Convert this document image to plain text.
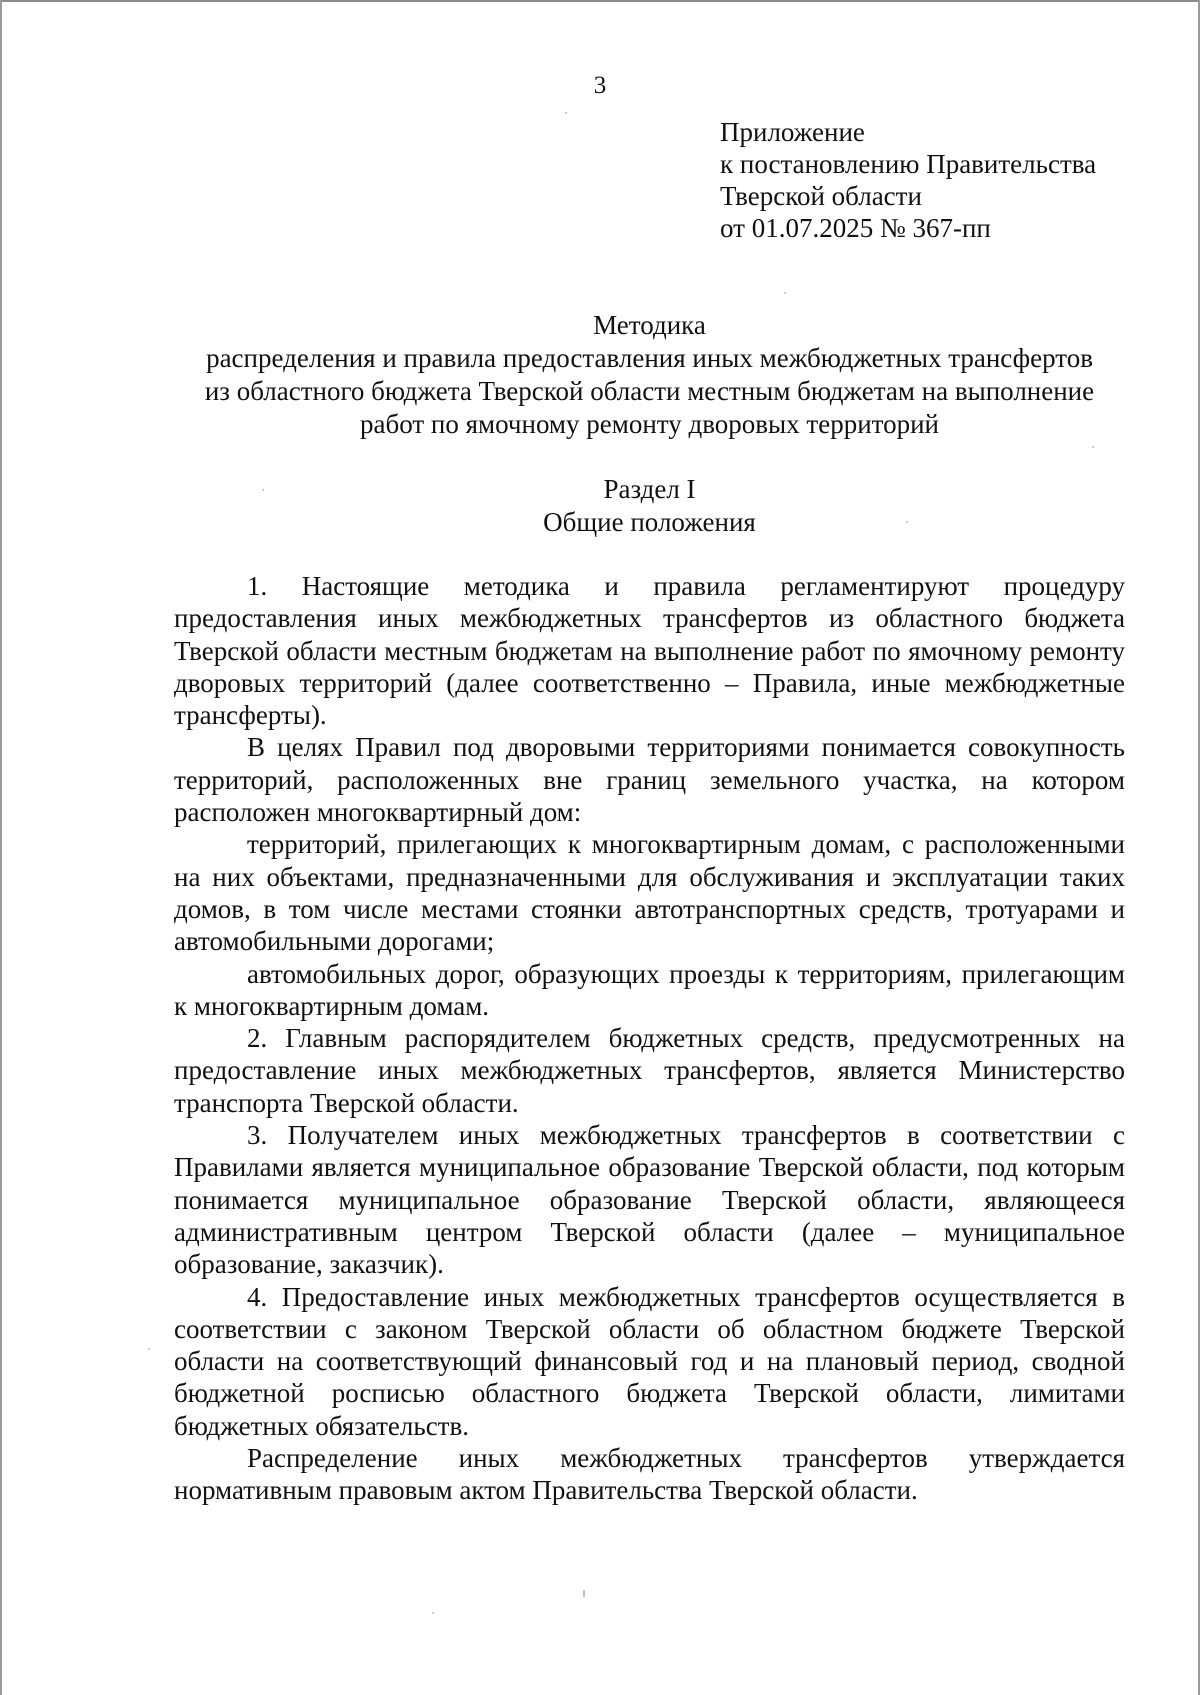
3
Приложение
к постановлению Правительства
Тверской области
от 01.07.2025 № 367-пп
Методика
распределения и правила предоставления иных межбюджетных трансфертов
из областного бюджета Тверской области местным бюджетам на выполнение
работ по ямочному ремонту дворовых территорий
Раздел I
Общие положения

1. Настоящие методика и правила регламентируют процедуру предоставления иных межбюджетных трансфертов из областного бюджета Тверской области местным бюджетам на выполнение работ по ямочному ремонту дворовых территорий (далее соответственно – Правила, иные межбюджетные трансферты).

В целях Правил под дворовыми территориями понимается совокупность территорий, расположенных вне границ земельного участка, на котором расположен многоквартирный дом:

территорий, прилегающих к многоквартирным домам, с расположенными на них объектами, предназначенными для обслуживания и эксплуатации таких домов, в том числе местами стоянки автотранспортных средств, тротуарами и автомобильными дорогами;

автомобильных дорог, образующих проезды к территориям, прилегающим к многоквартирным домам.

2. Главным распорядителем бюджетных средств, предусмотренных на предоставление иных межбюджетных трансфертов, является Министерство транспорта Тверской области.

3. Получателем иных межбюджетных трансфертов в соответствии с Правилами является муниципальное образование Тверской области, под которым понимается муниципальное образование Тверской области, являющееся административным центром Тверской области (далее – муниципальное образование, заказчик).

4. Предоставление иных межбюджетных трансфертов осуществляется в соответствии с законом Тверской области об областном бюджете Тверской области на соответствующий финансовый год и на плановый период, сводной бюджетной росписью областного бюджета Тверской области, лимитами бюджетных обязательств.

Распределение иных межбюджетных трансфертов утверждается нормативным правовым актом Правительства Тверской области.
